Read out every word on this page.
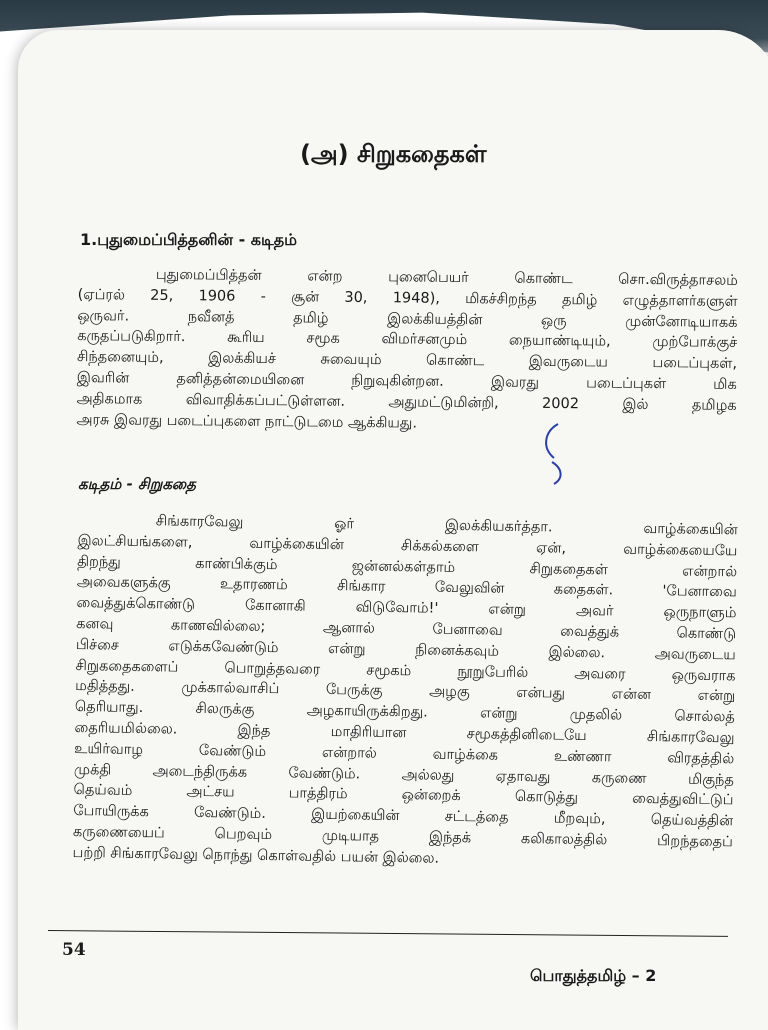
(அ) சிறுகதைகள்
1.புதுமைப்பித்தனின் - கடிதம்
புதுமைப்பித்தன் என்ற புனைபெயர் கொண்ட சொ.விருத்தாசலம்
(ஏப்ரல் 25, 1906 - சூன் 30, 1948), மிகச்சிறந்த தமிழ் எழுத்தாளர்களுள்
ஒருவர். நவீனத் தமிழ் இலக்கியத்தின் ஒரு முன்னோடியாகக்
கருதப்படுகிறார். கூரிய சமூக விமர்சனமும் நையாண்டியும், முற்போக்குச்
சிந்தனையும், இலக்கியச் சுவையும் கொண்ட இவருடைய படைப்புகள்,
இவரின் தனித்தன்மையினை நிறுவுகின்றன. இவரது படைப்புகள் மிக
அதிகமாக விவாதிக்கப்பட்டுள்ளன. அதுமட்டுமின்றி, 2002 இல் தமிழக
அரசு இவரது படைப்புகளை நாட்டுடமை ஆக்கியது.
கடிதம் - சிறுகதை
சிங்காரவேலு ஓர் இலக்கியகர்த்தா. வாழ்க்கையின்
இலட்சியங்களை, வாழ்க்கையின் சிக்கல்களை ஏன், வாழ்க்கையையே
திறந்து காண்பிக்கும் ஜன்னல்கள்தாம் சிறுகதைகள் என்றால்
அவைகளுக்கு உதாரணம் சிங்கார வேலுவின் கதைகள். 'பேனாவை
வைத்துக்கொண்டு கோனாகி விடுவோம்!' என்று அவர் ஒருநாளும்
கனவு காணவில்லை; ஆனால் பேனாவை வைத்துக் கொண்டு
பிச்சை எடுக்கவேண்டும் என்று நினைக்கவும் இல்லை. அவருடைய
சிறுகதைகளைப் பொறுத்தவரை சமூகம் நூறுபேரில் அவரை ஒருவராக
மதித்தது. முக்கால்வாசிப் பேருக்கு அழகு என்பது என்ன என்று
தெரியாது. சிலருக்கு அழகாயிருக்கிறது. என்று முதலில் சொல்லத்
தைரியமில்லை. இந்த மாதிரியான சமூகத்தினிடையே சிங்காரவேலு
உயிர்வாழ வேண்டும் என்றால் வாழ்க்கை உண்ணா விரதத்தில்
முக்தி அடைந்திருக்க வேண்டும். அல்லது ஏதாவது கருணை மிகுந்த
தெய்வம் அட்சய பாத்திரம் ஒன்றைக் கொடுத்து வைத்துவிட்டுப்
போயிருக்க வேண்டும். இயற்கையின் சட்டத்தை மீறவும், தெய்வத்தின்
கருணையைப் பெறவும் முடியாத இந்தக் கலிகாலத்தில் பிறந்ததைப்
பற்றி சிங்காரவேலு நொந்து கொள்வதில் பயன் இல்லை.
54
பொதுத்தமிழ் – 2
